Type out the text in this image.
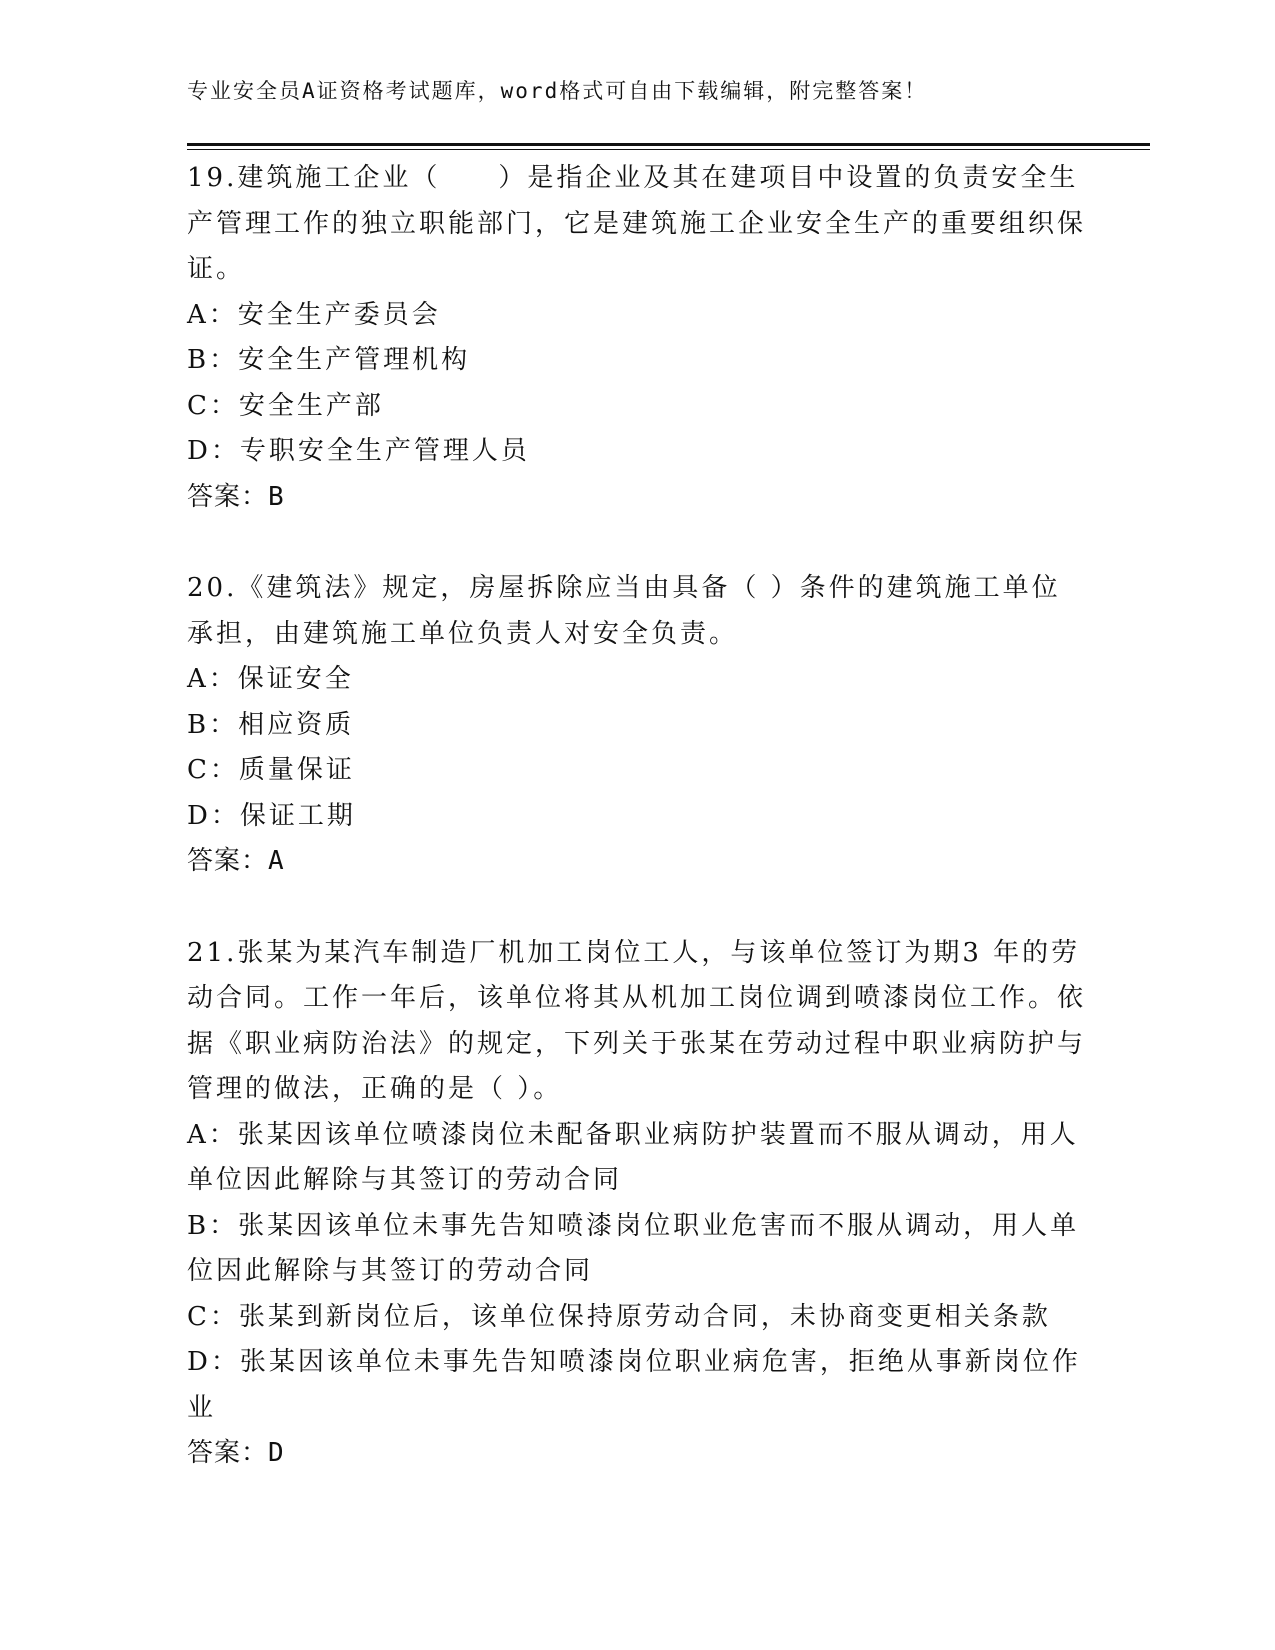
专业安全员A证资格考试题库，word格式可自由下载编辑，附完整答案！
19.建筑施工企业（　　）是指企业及其在建项目中设置的负责安全生产管理工作的独立职能部门，它是建筑施工企业安全生产的重要组织保证。
A：安全生产委员会
B：安全生产管理机构
C：安全生产部
D：专职安全生产管理人员
答案：B
20.《建筑法》规定，房屋拆除应当由具备（ ）条件的建筑施工单位承担，由建筑施工单位负责人对安全负责。
A：保证安全
B：相应资质
C：质量保证
D：保证工期
答案：A
21.张某为某汽车制造厂机加工岗位工人，与该单位签订为期3 年的劳动合同。工作一年后，该单位将其从机加工岗位调到喷漆岗位工作。依据《职业病防治法》的规定，下列关于张某在劳动过程中职业病防护与管理的做法，正确的是（ ）。
A：张某因该单位喷漆岗位未配备职业病防护装置而不服从调动，用人单位因此解除与其签订的劳动合同
B：张某因该单位未事先告知喷漆岗位职业危害而不服从调动，用人单位因此解除与其签订的劳动合同
C：张某到新岗位后，该单位保持原劳动合同，未协商变更相关条款
D：张某因该单位未事先告知喷漆岗位职业病危害，拒绝从事新岗位作业
答案：D
